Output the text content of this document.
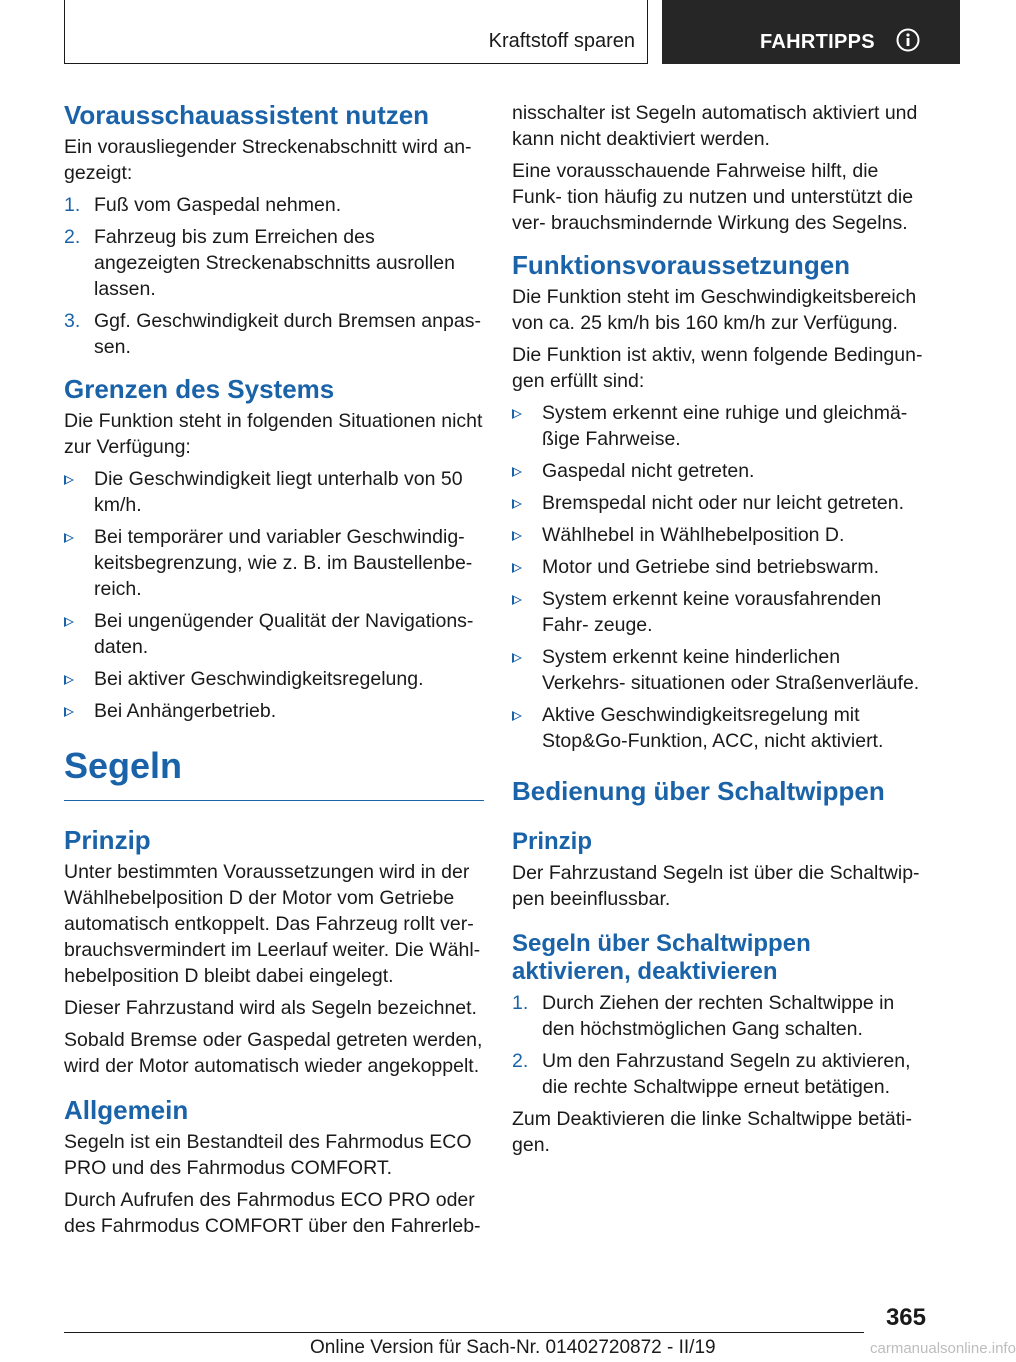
Kraftstoff sparen	FAHRTIPPS
Vorausschauassistent nutzen

Ein vorausliegender Streckenabschnitt wird an‐ gezeigt:

1. Fuß vom Gaspedal nehmen.
2. Fahrzeug bis zum Erreichen des angezeigten Streckenabschnitts ausrollen lassen.
3. Ggf. Geschwindigkeit durch Bremsen anpas‐ sen.
Grenzen des Systems

Die Funktion steht in folgenden Situationen nicht zur Verfügung:

Die Geschwindigkeit liegt unterhalb von 50 km/h.
Bei temporärer und variabler Geschwindig‐ keitsbegrenzung, wie z. B. im Baustellenbe‐ reich.
Bei ungenügender Qualität der Navigations‐ daten.
Bei aktiver Geschwindigkeitsregelung.
Bei Anhängerbetrieb.
Segeln
Prinzip

Unter bestimmten Voraussetzungen wird in der Wählhebelposition D der Motor vom Getriebe automatisch entkoppelt. Das Fahrzeug rollt ver‐ brauchsvermindert im Leerlauf weiter. Die Wähl‐ hebelposition D bleibt dabei eingelegt.

Dieser Fahrzustand wird als Segeln bezeichnet.

Sobald Bremse oder Gaspedal getreten werden, wird der Motor automatisch wieder angekoppelt.

Allgemein

Segeln ist ein Bestandteil des Fahrmodus ECO PRO und des Fahrmodus COMFORT.

Durch Aufrufen des Fahrmodus ECO PRO oder des Fahrmodus COMFORT über den Fahrerleb‐

nisschalter ist Segeln automatisch aktiviert und kann nicht deaktiviert werden.

Eine vorausschauende Fahrweise hilft, die Funk‐ tion häufig zu nutzen und unterstützt die ver‐ brauchsmindernde Wirkung des Segelns.

Funktionsvoraussetzungen

Die Funktion steht im Geschwindigkeitsbereich von ca. 25 km/h bis 160 km/h zur Verfügung.

Die Funktion ist aktiv, wenn folgende Bedingun‐ gen erfüllt sind:

System erkennt eine ruhige und gleichmä‐ ßige Fahrweise.
Gaspedal nicht getreten.
Bremspedal nicht oder nur leicht getreten.
Wählhebel in Wählhebelposition D.
Motor und Getriebe sind betriebswarm.
System erkennt keine vorausfahrenden Fahr‐ zeuge.
System erkennt keine hinderlichen Verkehrs‐ situationen oder Straßenverläufe.
Aktive Geschwindigkeitsregelung mit Stop&Go-Funktion, ACC, nicht aktiviert.
Bedienung über Schaltwippen
Prinzip

Der Fahrzustand Segeln ist über die Schaltwip‐ pen beeinflussbar.

Segeln über Schaltwippen aktivieren, deaktivieren
1. Durch Ziehen der rechten Schaltwippe in den höchstmöglichen Gang schalten.
2. Um den Fahrzustand Segeln zu aktivieren, die rechte Schaltwippe erneut betätigen.

Zum Deaktivieren die linke Schaltwippe betäti‐ gen.

365
Online Version für Sach-Nr. 01402720872 - II/19	carmanualsonline.info
